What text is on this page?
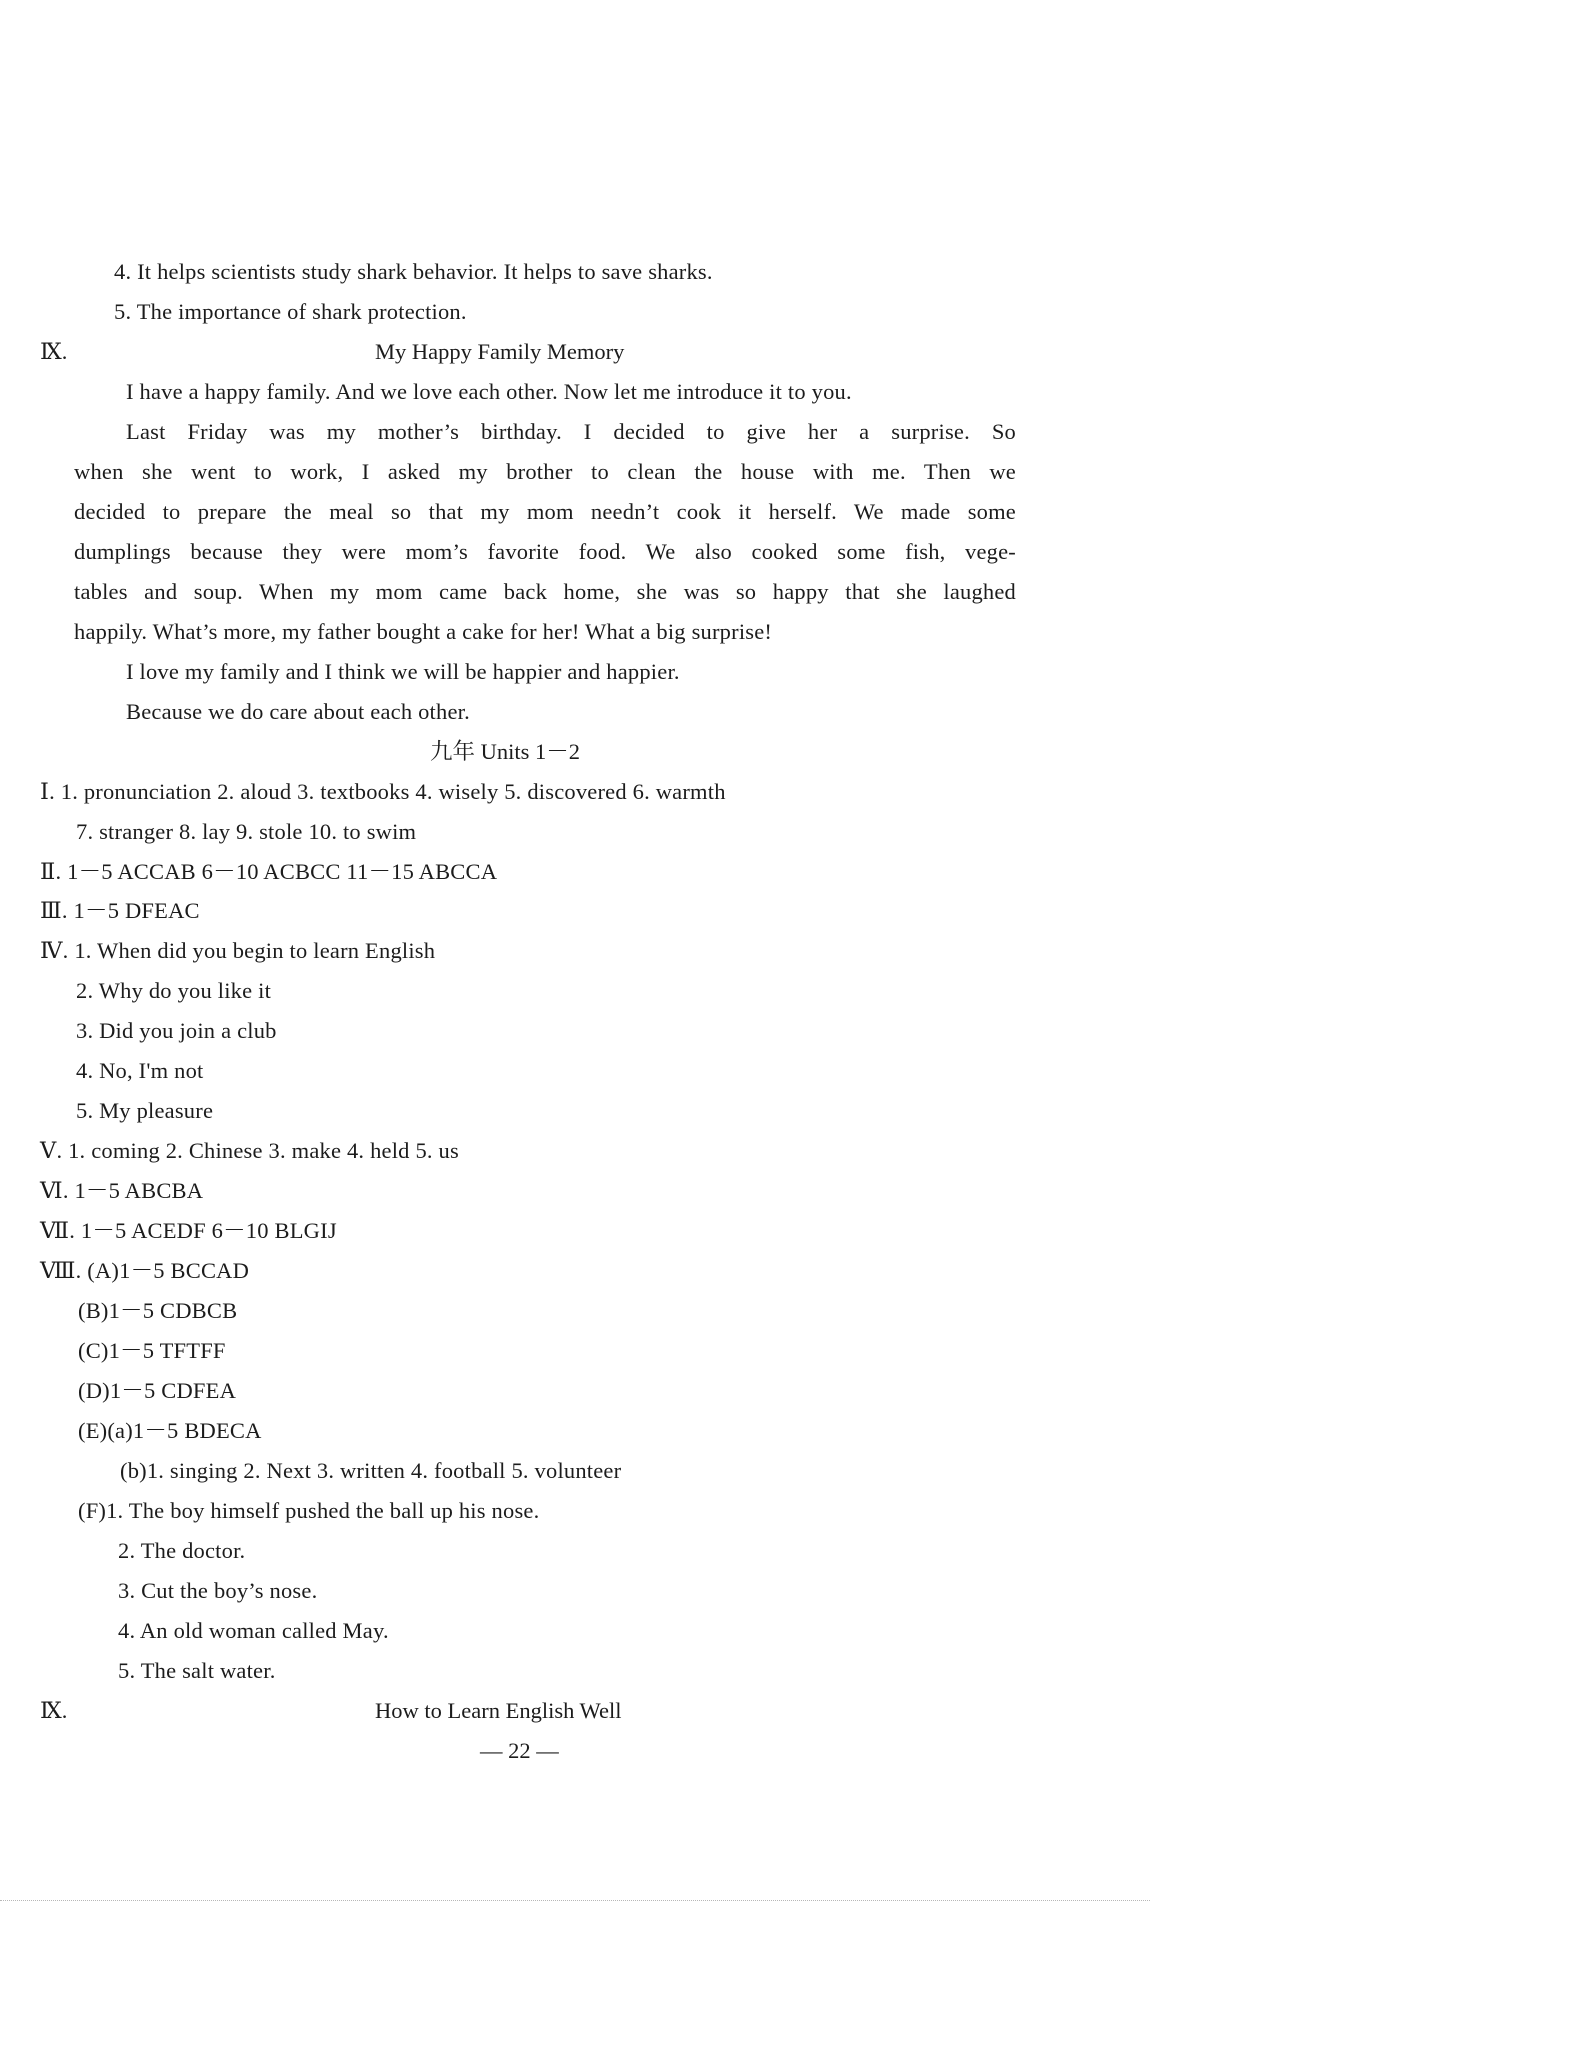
4. It helps scientists study shark behavior. It helps to save sharks.
5. The importance of shark protection.
Ⅸ.	My Happy Family Memory
I have a happy family. And we love each other. Now let me introduce it to you.
Last Friday was my mother’s birthday. I decided to give her a surprise. So
when she went to work, I asked my brother to clean the house with me. Then we
decided to prepare the meal so that my mom needn’t cook it herself. We made some
dumplings because they were mom’s favorite food. We also cooked some fish, vege-
tables and soup. When my mom came back home, she was so happy that she laughed
happily. What’s more, my father bought a cake for her! What a big surprise!
I love my family and I think we will be happier and happier.
Because we do care about each other.
九年 Units 1－2
Ⅰ. 1. pronunciation 2. aloud 3. textbooks 4. wisely 5. discovered 6. warmth
7. stranger 8. lay 9. stole 10. to swim
Ⅱ. 1－5 ACCAB 6－10 ACBCC 11－15 ABCCA
Ⅲ. 1－5 DFEAC
Ⅳ. 1. When did you begin to learn English
2. Why do you like it
3. Did you join a club
4. No, I'm not
5. My pleasure
Ⅴ. 1. coming 2. Chinese 3. make 4. held 5. us
Ⅵ. 1－5 ABCBA
Ⅶ. 1－5 ACEDF 6－10 BLGIJ
Ⅷ. (A)1－5 BCCAD
(B)1－5 CDBCB
(C)1－5 TFTFF
(D)1－5 CDFEA
(E)(a)1－5 BDECA
(b)1. singing 2. Next 3. written 4. football 5. volunteer
(F)1. The boy himself pushed the ball up his nose.
2. The doctor.
3. Cut the boy’s nose.
4. An old woman called May.
5. The salt water.
Ⅸ.	How to Learn English Well
— 22 —
